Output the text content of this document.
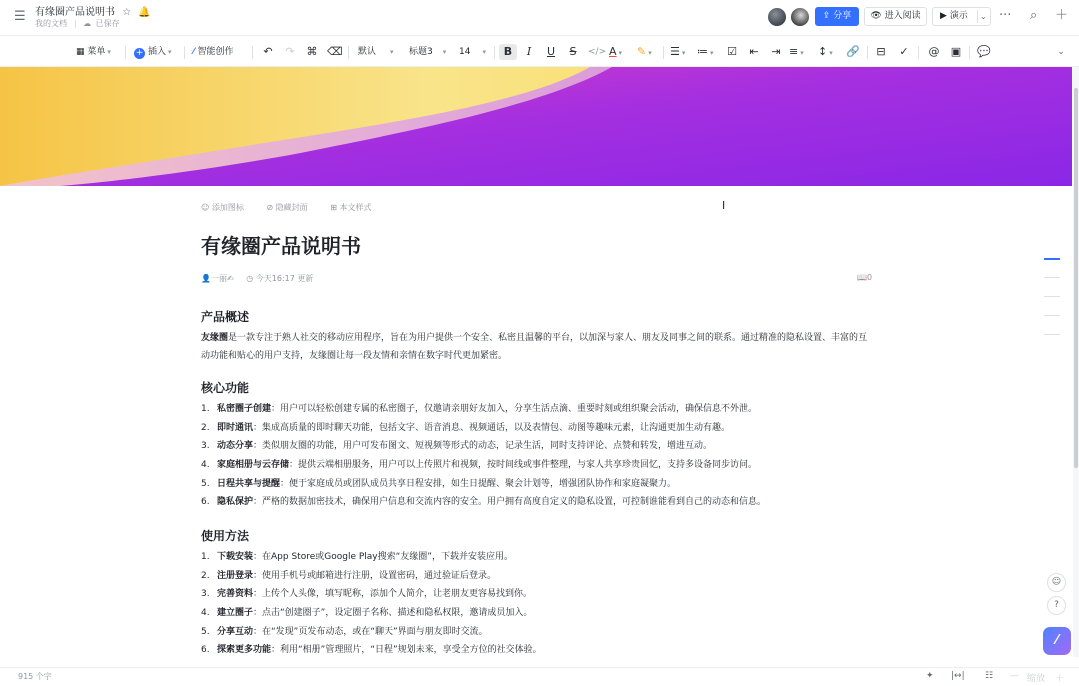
☰ 有缘圈产品说明书 ☆ 🔔
我的文档 ☁ 已保存
⇪ 分享	👁 进入阅读	▶ 演示 ⌄ ··· ⌕ ＋
▦ 菜单 ▾	+ 插入 ▾ ⁄ 智能创作	↶ ↷ ⌘ ⌫ 默认 ▾ 标题3 ▾ 14 ▾	B	I	U	S	</> A ▾	✎ ▾	☰ ▾	≔ ▾	☑ ⇤ ⇥ ≡ ▾	↕ ▾	🔗 ⊟ ✓ @ ▣ 💬	⌄
☺ 添加图标	⊘ 隐藏封面	⊞ 本文样式	I
有缘圈产品说明书
👤一丽✍ ◷ 今天16:17 更新	📖0
产品概述
友缘圈是一款专注于熟人社交的移动应用程序，旨在为用户提供一个安全、私密且温馨的平台，以加深与家人、朋友及同事之间的联系。通过精准的隐私设置、丰富的互动功能和贴心的用户支持，友缘圈让每一段友情和亲情在数字时代更加紧密。
核心功能
1. 私密圈子创建：用户可以轻松创建专属的私密圈子，仅邀请亲朋好友加入，分享生活点滴、重要时刻或组织聚会活动，确保信息不外泄。
2. 即时通讯：集成高质量的即时聊天功能，包括文字、语音消息、视频通话，以及表情包、动图等趣味元素，让沟通更加生动有趣。
3. 动态分享：类似朋友圈的功能，用户可发布图文、短视频等形式的动态，记录生活，同时支持评论、点赞和转发，增进互动。
4. 家庭相册与云存储：提供云端相册服务，用户可以上传照片和视频，按时间线或事件整理，与家人共享珍贵回忆，支持多设备同步访问。
5. 日程共享与提醒：便于家庭成员或团队成员共享日程安排，如生日提醒、聚会计划等，增强团队协作和家庭凝聚力。
6. 隐私保护：严格的数据加密技术，确保用户信息和交流内容的安全。用户拥有高度自定义的隐私设置，可控制谁能看到自己的动态和信息。
使用方法
1. 下载安装：在App Store或Google Play搜索“友缘圈”，下载并安装应用。
2. 注册登录：使用手机号或邮箱进行注册，设置密码，通过验证后登录。
3. 完善资料：上传个人头像，填写昵称，添加个人简介，让老朋友更容易找到你。
4. 建立圈子：点击“创建圈子”，设定圈子名称、描述和隐私权限，邀请成员加入。
5. 分享互动：在“发现”页发布动态，或在“聊天”界面与朋友即时交流。
6. 探索更多功能：利用“相册”管理照片，“日程”规划未来，享受全方位的社交体验。
☺
?
⁄
915 个字	✦ |↔| ☷ — 缩放 ＋
